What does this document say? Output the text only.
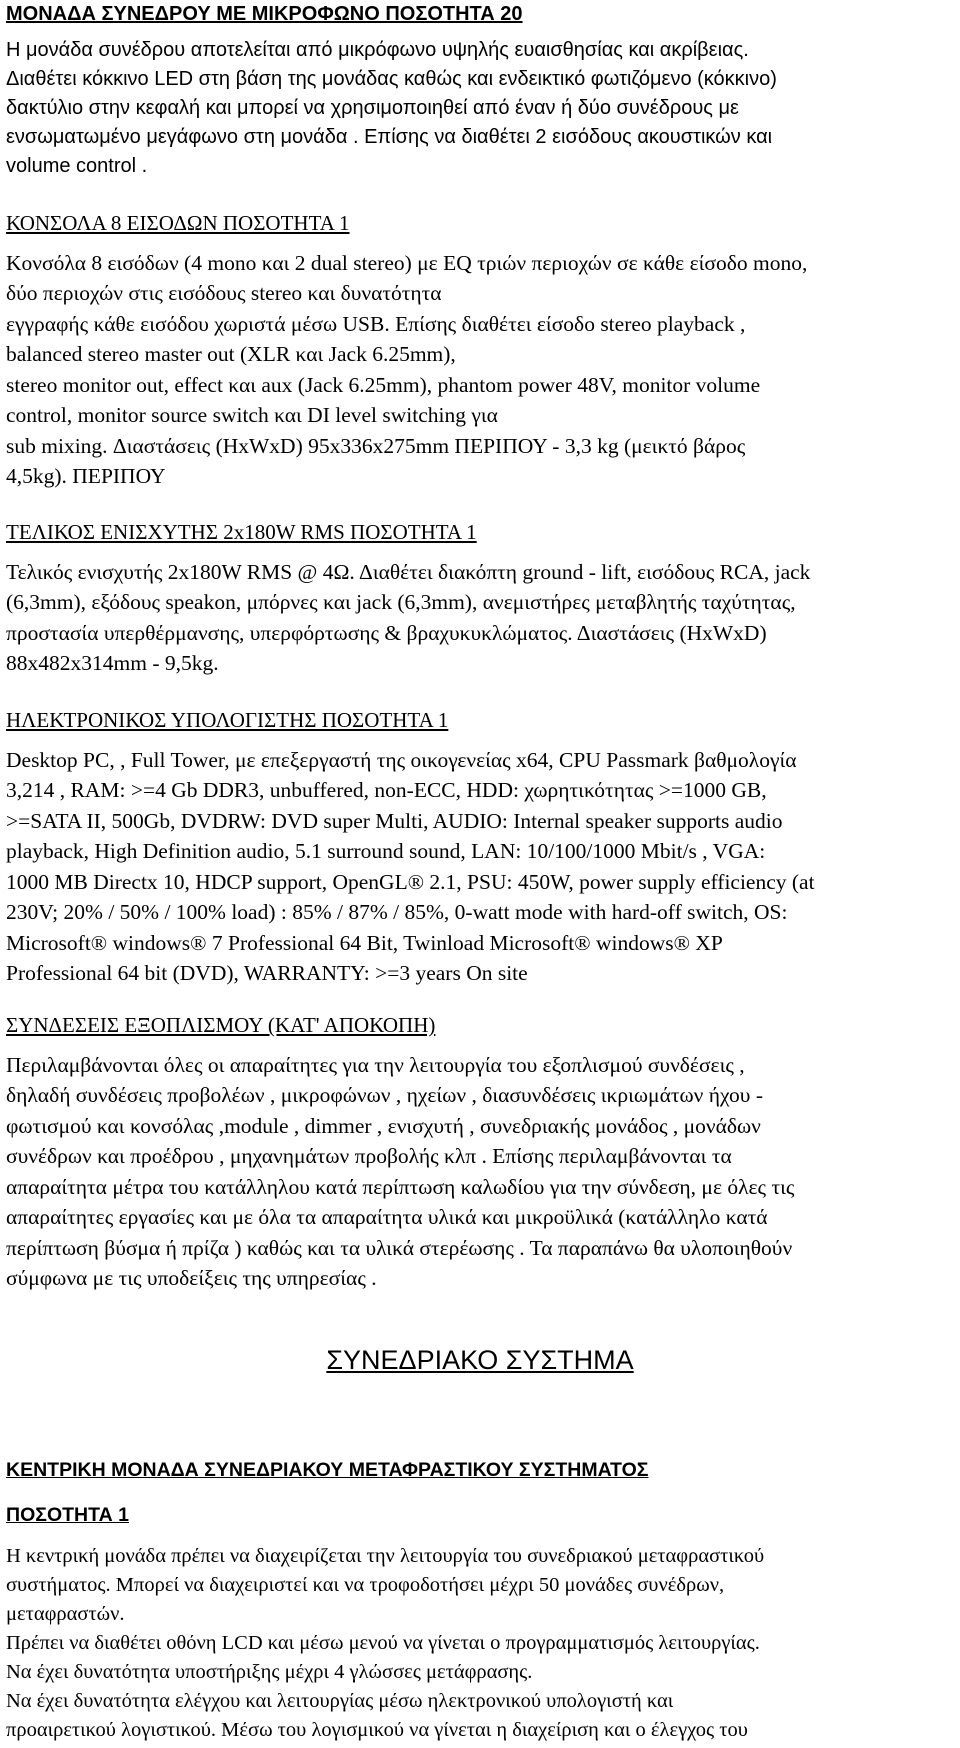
ΜΟΝΑΔΑ ΣΥΝΕΔΡΟΥ ΜΕ ΜΙΚΡΟΦΩΝΟ ΠΟΣΟΤΗΤΑ 20
Η μονάδα συνέδρου αποτελείται από μικρόφωνο υψηλής ευαισθησίας και ακρίβειας.
Διαθέτει κόκκινο LED στη βάση της μονάδας καθώς και ενδεικτικό φωτιζόμενο (κόκκινο)
δακτύλιο στην κεφαλή και μπορεί να χρησιμοποιηθεί από έναν ή δύο συνέδρους με
ενσωματωμένο μεγάφωνο στη μονάδα . Επίσης να διαθέτει 2 εισόδους ακουστικών και
volume control .
ΚΟΝΣΟΛΑ 8 ΕΙΣΟΔΩΝ ΠΟΣΟΤΗΤΑ 1
Κονσόλα 8 εισόδων (4 mono και 2 dual stereo) με EQ τριών περιοχών σε κάθε είσοδο mono,
δύο περιοχών στις εισόδους stereo και δυνατότητα
εγγραφής κάθε εισόδου χωριστά μέσω USB. Επίσης διαθέτει είσοδο stereo playback ,
balanced stereo master out (XLR και Jack 6.25mm),
stereo monitor out, effect και aux (Jack 6.25mm), phantom power 48V, monitor volume
control, monitor source switch και DI level switching για
sub mixing. Διαστάσεις (HxWxD) 95x336x275mm ΠΕΡΙΠΟΥ - 3,3 kg (μεικτό βάρος
4,5kg). ΠΕΡΙΠΟΥ
ΤΕΛΙΚΟΣ ΕΝΙΣΧΥΤΗΣ 2x180W RMS ΠΟΣΟΤΗΤΑ 1
Τελικός ενισχυτής 2x180W RMS @ 4Ω. Διαθέτει διακόπτη ground - lift, εισόδους RCA, jack
(6,3mm), εξόδους speakon, μπόρνες και jack (6,3mm), ανεμιστήρες μεταβλητής ταχύτητας,
προστασία υπερθέρμανσης, υπερφόρτωσης & βραχυκυκλώματος. Διαστάσεις (HxWxD)
88x482x314mm - 9,5kg.
ΗΛΕΚΤΡΟΝΙΚΟΣ ΥΠΟΛΟΓΙΣΤΗΣ ΠΟΣΟΤΗΤΑ 1
Desktop PC, , Full Tower, με επεξεργαστή της οικογενείας x64, CPU Passmark βαθμολογία
3,214 , RAM: >=4 Gb DDR3, unbuffered, non-ECC, HDD: χωρητικότητας >=1000 GB,
>=SATA II, 500Gb, DVDRW: DVD super Multi, AUDIO: Internal speaker supports audio
playback, High Definition audio, 5.1 surround sound, LAN: 10/100/1000 Mbit/s , VGA:
1000 MB Directx 10, HDCP support, OpenGL® 2.1, PSU: 450W, power supply efficiency (at
230V; 20% / 50% / 100% load) : 85% / 87% / 85%, 0-watt mode with hard-off switch, OS:
Microsoft® windows® 7 Professional 64 Bit, Twinload Microsoft® windows® XP
Professional 64 bit (DVD), WARRANTY: >=3 years On site
ΣΥΝΔΕΣΕΙΣ ΕΞΟΠΛΙΣΜΟΥ (ΚΑΤ' ΑΠΟΚΟΠΗ)
Περιλαμβάνονται όλες οι απαραίτητες για την λειτουργία του εξοπλισμού συνδέσεις ,
δηλαδή συνδέσεις προβολέων , μικροφώνων , ηχείων , διασυνδέσεις ικριωμάτων ήχου -
φωτισμού και κονσόλας ,module , dimmer , ενισχυτή , συνεδριακής μονάδος , μονάδων
συνέδρων και προέδρου , μηχανημάτων προβολής κλπ . Επίσης περιλαμβάνονται τα
απαραίτητα μέτρα του κατάλληλου κατά περίπτωση καλωδίου για την σύνδεση, με όλες τις
απαραίτητες εργασίες και με όλα τα απαραίτητα υλικά και μικροϋλικά (κατάλληλο κατά
περίπτωση βύσμα ή πρίζα ) καθώς και τα υλικά στερέωσης . Τα παραπάνω θα υλοποιηθούν
σύμφωνα με τις υποδείξεις της υπηρεσίας .
ΣΥΝΕΔΡΙΑΚΟ ΣΥΣΤΗΜΑ
ΚΕΝΤΡΙΚΗ ΜΟΝΑΔΑ ΣΥΝΕΔΡΙΑΚΟΥ ΜΕΤΑΦΡΑΣΤΙΚΟΥ ΣΥΣΤΗΜΑΤΟΣ
ΠΟΣΟΤΗΤΑ 1
Η κεντρική μονάδα πρέπει να διαχειρίζεται την λειτουργία του συνεδριακού μεταφραστικού
συστήματος. Μπορεί να διαχειριστεί και να τροφοδοτήσει μέχρι 50 μονάδες συνέδρων,
μεταφραστών.
Πρέπει να διαθέτει οθόνη LCD και μέσω μενού να γίνεται ο προγραμματισμός λειτουργίας.
Να έχει δυνατότητα υποστήριξης μέχρι 4 γλώσσες μετάφρασης.
Να έχει δυνατότητα ελέγχου και λειτουργίας μέσω ηλεκτρονικού υπολογιστή και
προαιρετικού λογιστικού. Μέσω του λογισμικού να γίνεται η διαχείριση και ο έλεγχος του
